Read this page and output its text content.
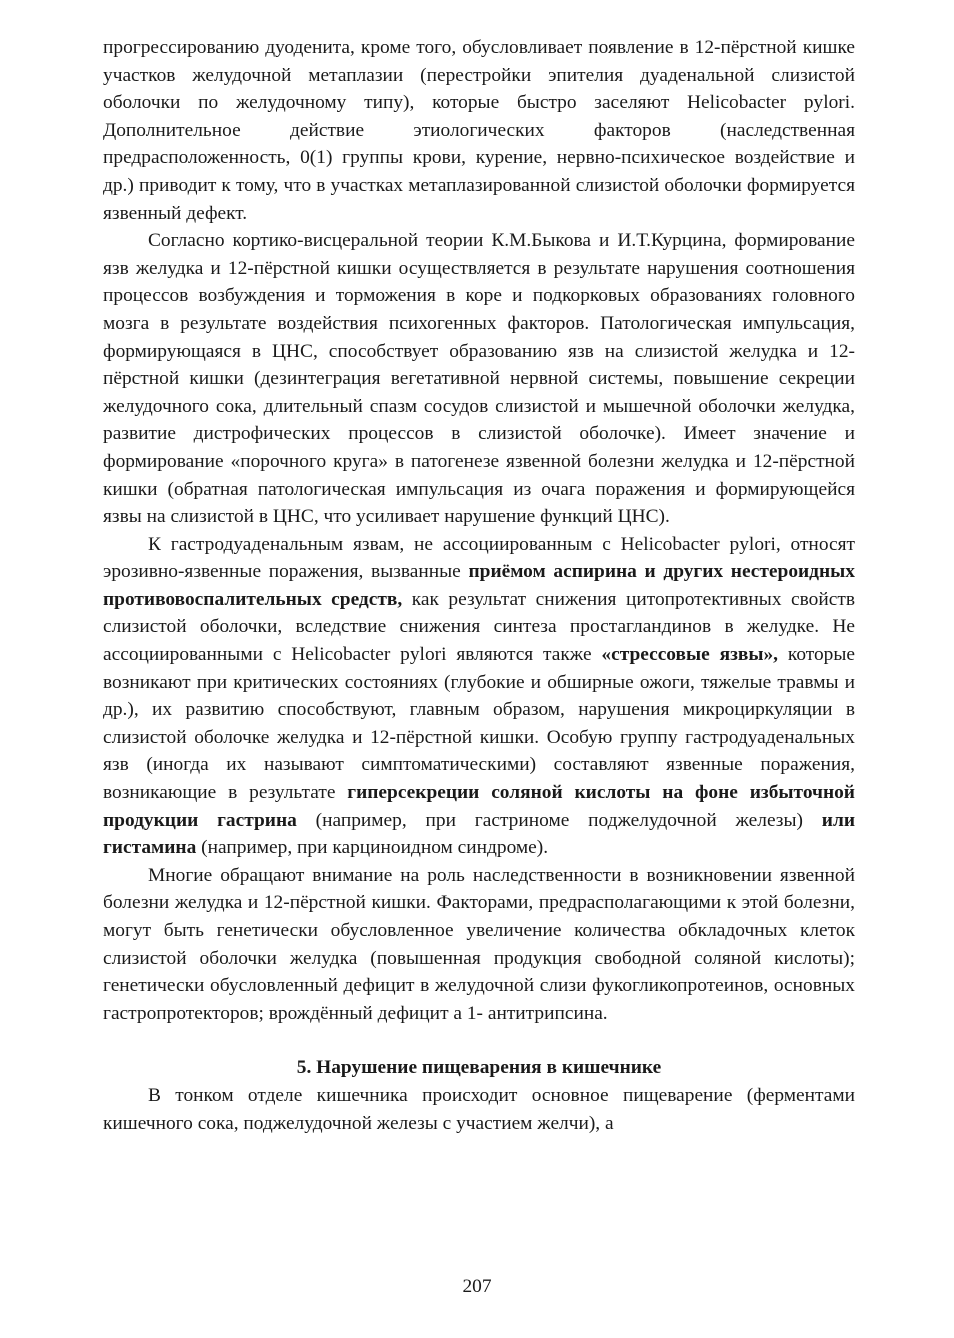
прогрессированию дуоденита, кроме того, обусловливает появление в 12-пёрстной кишке участков желудочной метаплазии (перестройки эпителия дуаденальной слизистой оболочки по желудочному типу), которые быстро заселяют Helicobacter pylori. Дополнительное действие этиологических факторов (наследственная предрасположенность, 0(1) группы крови, курение, нервно-психическое воздействие и др.) приводит к тому, что в участках метаплазированной слизистой оболочки формируется язвенный дефект.

Согласно кортико-висцеральной теории К.М.Быкова и И.Т.Курцина, формирование язв желудка и 12-пёрстной кишки осуществляется в результате нарушения соотношения процессов возбуждения и торможения в коре и подкорковых образованиях головного мозга в результате воздействия психогенных факторов. Патологическая импульсация, формирующаяся в ЦНС, способствует образованию язв на слизистой желудка и 12-пёрстной кишки (дезинтеграция вегетативной нервной системы, повышение секреции желудочного сока, длительный спазм сосудов слизистой и мышечной оболочки желудка, развитие дистрофических процессов в слизистой оболочке). Имеет значение и формирование «порочного круга» в патогенезе язвенной болезни желудка и 12-пёрстной кишки (обратная патологическая импульсация из очага поражения и формирующейся язвы на слизистой в ЦНС, что усиливает нарушение функций ЦНС).

К гастродуаденальным язвам, не ассоциированным с Helicobacter pylori, относят эрозивно-язвенные поражения, вызванные приёмом аспирина и других нестероидных противовоспалительных средств, как результат снижения цитопротективных свойств слизистой оболочки, вследствие снижения синтеза простагландинов в желудке. Не ассоциированными с Helicobacter pylori являются также «стрессовые язвы», которые возникают при критических состояниях (глубокие и обширные ожоги, тяжелые травмы и др.), их развитию способствуют, главным образом, нарушения микроциркуляции в слизистой оболочке желудка и 12-пёрстной кишки. Особую группу гастродуаденальных язв (иногда их называют симптоматическими) составляют язвенные поражения, возникающие в результате гиперсекреции соляной кислоты на фоне избыточной продукции гастрина (например, при гастриноме поджелудочной железы) или гистамина (например, при карциноидном синдроме).

Многие обращают внимание на роль наследственности в возникновении язвенной болезни желудка и 12-пёрстной кишки. Факторами, предрасполагающими к этой болезни, могут быть генетически обусловленное увеличение количества обкладочных клеток слизистой оболочки желудка (повышенная продукция свободной соляной кислоты); генетически обусловленный дефицит в желудочной слизи фукогликопротеинов, основных гастропротекторов; врождённый дефицит а 1- антитрипсина.

5. Нарушение пищеварения в кишечнике

В тонком отделе кишечника происходит основное пищеварение (ферментами кишечного сока, поджелудочной железы с участием желчи), а

207
